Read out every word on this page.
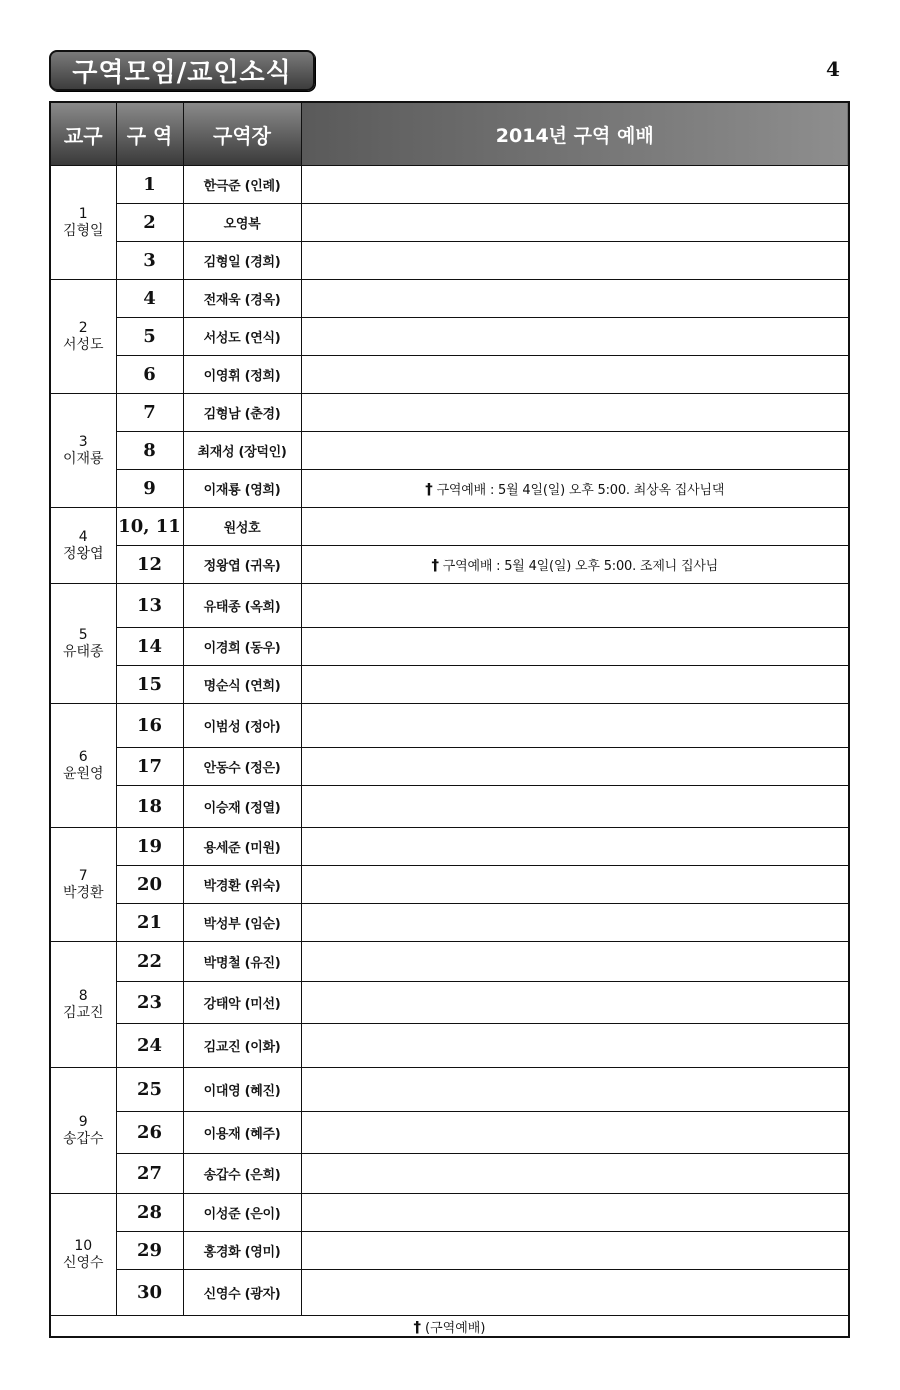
구역모임/교인소식	4
교구	구 역	구역장	2014년 구역 예배

1
김형일	1	한극준 (인례)	
	2	오영복	
	3	김형일 (경희)	

2
서성도	4	전재욱 (경옥)	
	5	서성도 (연식)	
	6	이영휘 (정희)	

3
이재룡	7	김형남 (춘경)	
	8	최재성 (장덕인)	
	9	이재룡 (영희)	† 구역예배 : 5월 4일(일) 오후 5:00. 최상옥 집사님댁

4
정왕엽	10, 11	원성호	
	12	정왕엽 (귀옥)	† 구역예배 : 5월 4일(일) 오후 5:00. 조제니 집사님

5
유태종	13	유태종 (옥희)	
	14	이경희 (동우)	
	15	명순식 (연희)	

6
윤원영	16	이범성 (정아)	
	17	안동수 (정은)	
	18	이승재 (정열)	

7
박경환	19	용세준 (미원)	
	20	박경환 (위숙)	
	21	박성부 (임순)	

8
김교진	22	박명철 (유진)	
	23	강태악 (미선)	
	24	김교진 (이화)	

9
송갑수	25	이대영 (혜진)	
	26	이용재 (혜주)	
	27	송갑수 (은희)	

10
신영수	28	이성준 (은이)	
	29	홍경화 (영미)	
	30	신영수 (광자)	
† (구역예배)			
